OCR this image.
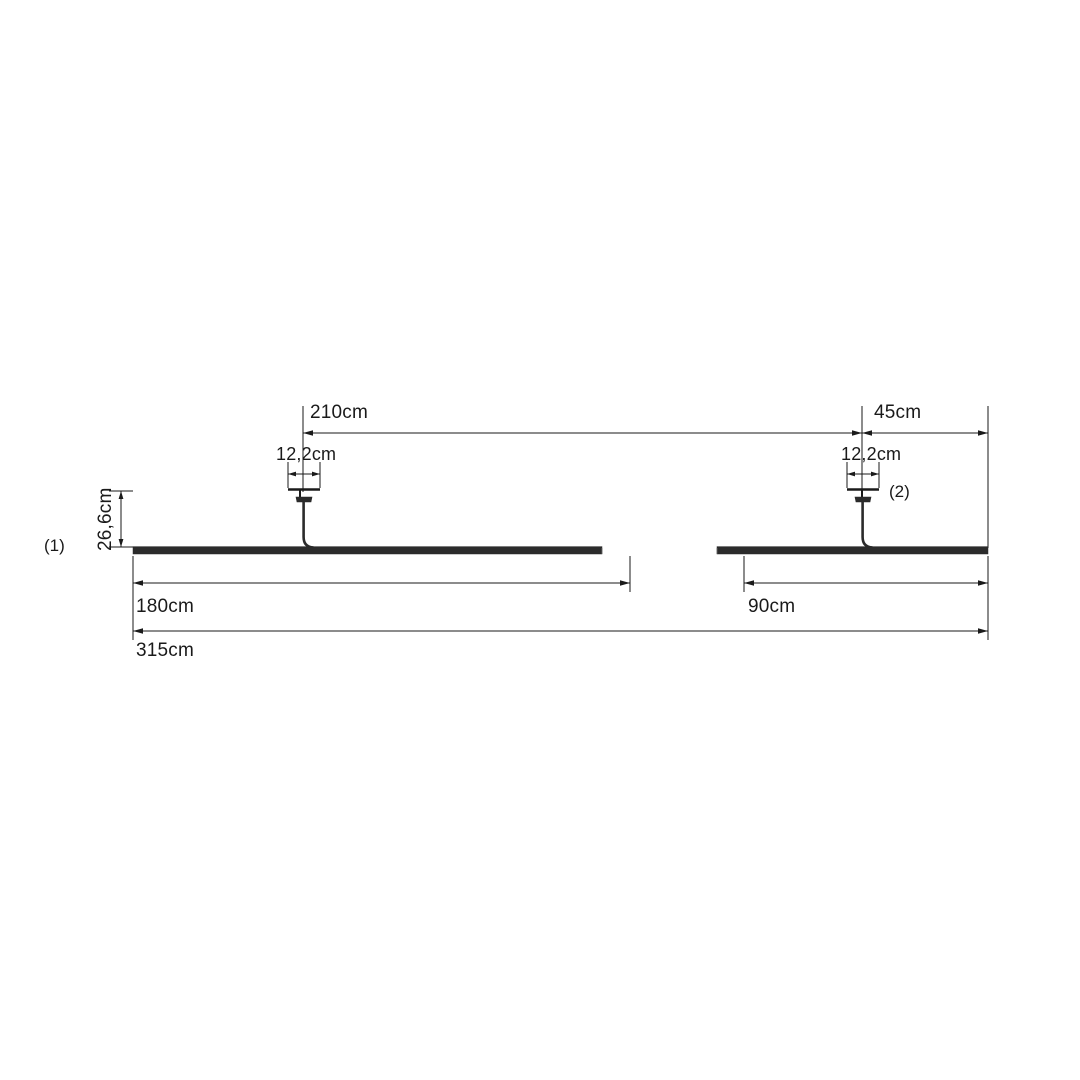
210cm	45cm
12,2cm	12,2cm
26,6cm
(1)
(2)
180cm	90cm
315cm
